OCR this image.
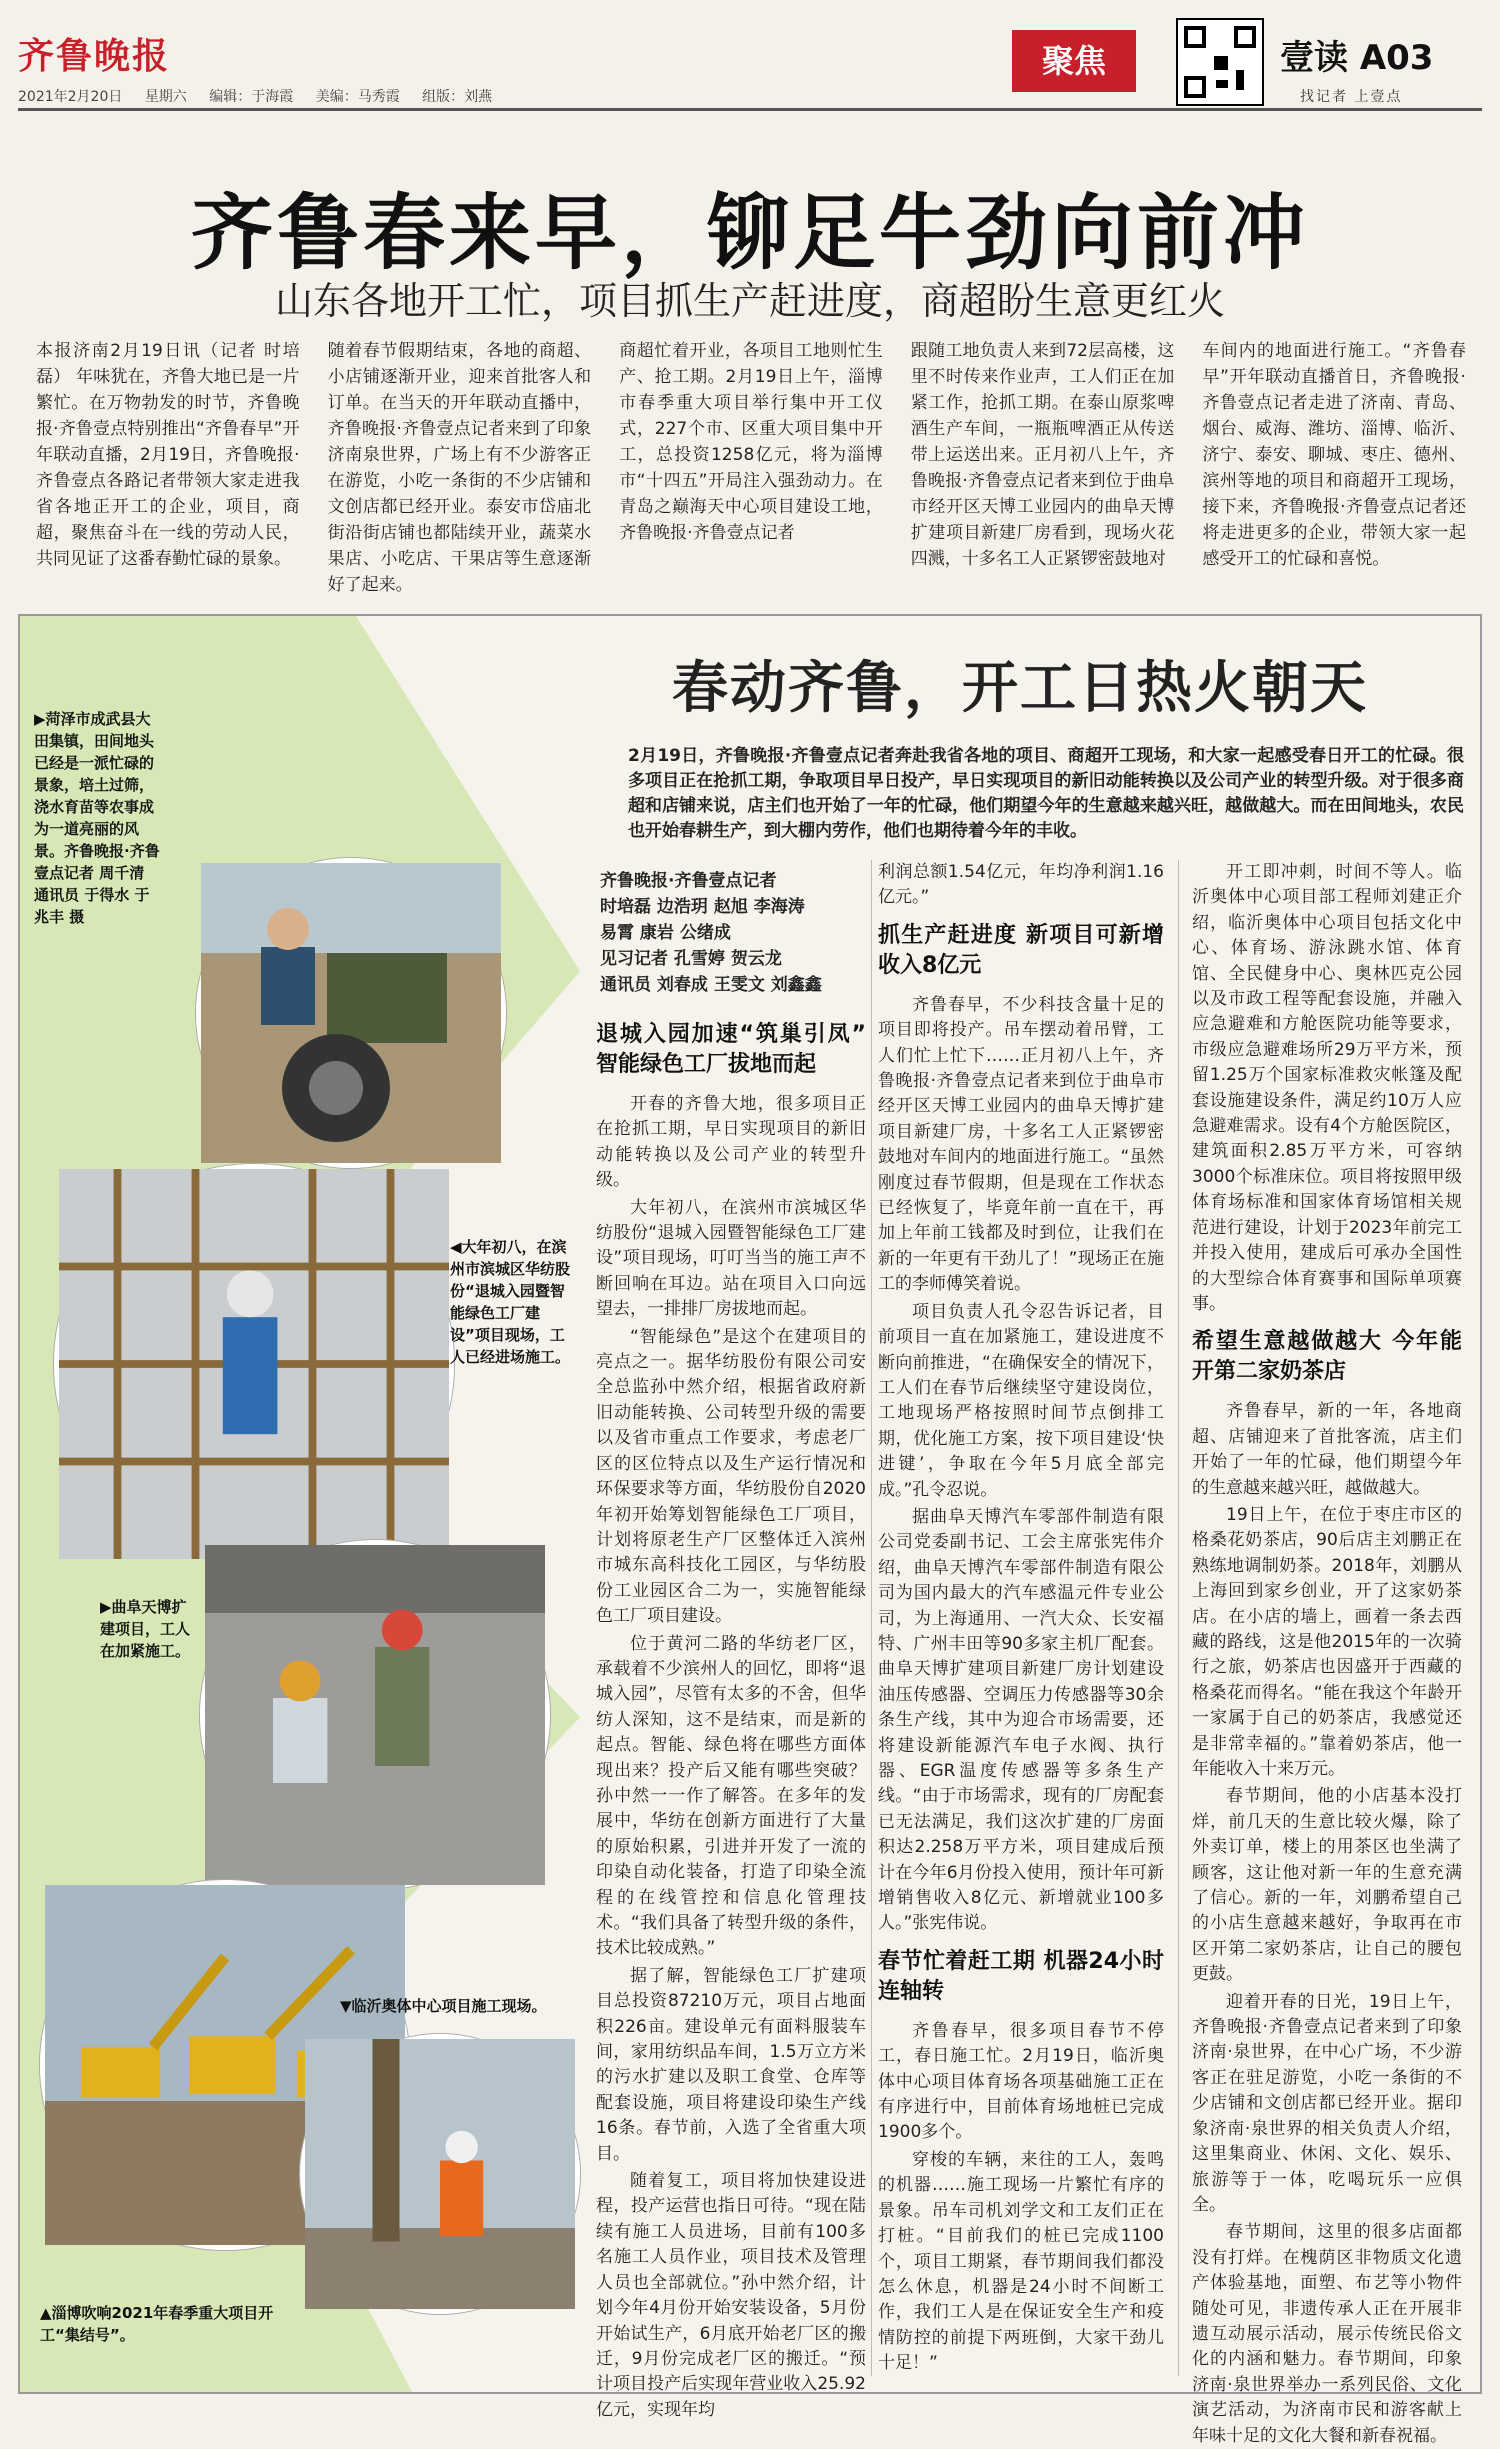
齐鲁晚报
2021年2月20日 星期六 编辑：于海霞 美编：马秀霞 组版：刘燕
聚焦	壹读 A03
找记者 上壹点
齐鲁春来早，铆足牛劲向前冲
山东各地开工忙，项目抓生产赶进度，商超盼生意更红火
本报济南2月19日讯（记者 时培磊） 年味犹在，齐鲁大地已是一片繁忙。在万物勃发的时节，齐鲁晚报·齐鲁壹点特别推出“齐鲁春早”开年联动直播，2月19日，齐鲁晚报·齐鲁壹点各路记者带领大家走进我省各地正开工的企业，项目，商超，聚焦奋斗在一线的劳动人民，共同见证了这番春勤忙碌的景象。
随着春节假期结束，各地的商超、小店铺逐渐开业，迎来首批客人和订单。在当天的开年联动直播中，齐鲁晚报·齐鲁壹点记者来到了印象济南泉世界，广场上有不少游客正在游览，小吃一条街的不少店铺和文创店都已经开业。泰安市岱庙北街沿街店铺也都陆续开业，蔬菜水果店、小吃店、干果店等生意逐渐好了起来。
商超忙着开业，各项目工地则忙生产、抢工期。2月19日上午，淄博市春季重大项目举行集中开工仪式，227个市、区重大项目集中开工，总投资1258亿元，将为淄博市“十四五”开局注入强劲动力。在青岛之巅海天中心项目建设工地，齐鲁晚报·齐鲁壹点记者
跟随工地负责人来到72层高楼，这里不时传来作业声，工人们正在加紧工作，抢抓工期。在泰山原浆啤酒生产车间，一瓶瓶啤酒正从传送带上运送出来。正月初八上午，齐鲁晚报·齐鲁壹点记者来到位于曲阜市经开区天博工业园内的曲阜天博扩建项目新建厂房看到，现场火花四溅，十多名工人正紧锣密鼓地对
车间内的地面进行施工。“齐鲁春早”开年联动直播首日，齐鲁晚报·齐鲁壹点记者走进了济南、青岛、烟台、威海、潍坊、淄博、临沂、济宁、泰安、聊城、枣庄、德州、滨州等地的项目和商超开工现场，接下来，齐鲁晚报·齐鲁壹点记者还将走进更多的企业，带领大家一起感受开工的忙碌和喜悦。
▶菏泽市成武县大田集镇，田间地头已经是一派忙碌的景象，培土过筛，浇水育苗等农事成为一道亮丽的风景。齐鲁晚报·齐鲁壹点记者 周千清 通讯员 于得水 于兆丰 摄
◀大年初八，在滨州市滨城区华纺股份“退城入园暨智能绿色工厂建设”项目现场，工人已经进场施工。
▶曲阜天博扩建项目，工人在加紧施工。
▼临沂奥体中心项目施工现场。
▲淄博吹响2021年春季重大项目开工“集结号”。
春动齐鲁，开工日热火朝天
2月19日，齐鲁晚报·齐鲁壹点记者奔赴我省各地的项目、商超开工现场，和大家一起感受春日开工的忙碌。很多项目正在抢抓工期，争取项目早日投产，早日实现项目的新旧动能转换以及公司产业的转型升级。对于很多商超和店铺来说，店主们也开始了一年的忙碌，他们期望今年的生意越来越兴旺，越做越大。而在田间地头，农民也开始春耕生产，到大棚内劳作，他们也期待着今年的丰收。
齐鲁晚报·齐鲁壹点记者
时培磊 边浩玥 赵旭 李海涛
易霄 康岩 公绪成
见习记者 孔雪婷 贺云龙
通讯员 刘春成 王雯文 刘鑫鑫
退城入园加速“筑巢引凤” 智能绿色工厂拔地而起

开春的齐鲁大地，很多项目正在抢抓工期，早日实现项目的新旧动能转换以及公司产业的转型升级。

大年初八，在滨州市滨城区华纺股份“退城入园暨智能绿色工厂建设”项目现场，叮叮当当的施工声不断回响在耳边。站在项目入口向远望去，一排排厂房拔地而起。

“智能绿色”是这个在建项目的亮点之一。据华纺股份有限公司安全总监孙中然介绍，根据省政府新旧动能转换、公司转型升级的需要以及省市重点工作要求，考虑老厂区的区位特点以及生产运行情况和环保要求等方面，华纺股份自2020年初开始筹划智能绿色工厂项目，计划将原老生产厂区整体迁入滨州市城东高科技化工园区，与华纺股份工业园区合二为一，实施智能绿色工厂项目建设。

位于黄河二路的华纺老厂区，承载着不少滨州人的回忆，即将“退城入园”，尽管有太多的不舍，但华纺人深知，这不是结束，而是新的起点。智能、绿色将在哪些方面体现出来？投产后又能有哪些突破？孙中然一一作了解答。在多年的发展中，华纺在创新方面进行了大量的原始积累，引进并开发了一流的印染自动化装备，打造了印染全流程的在线管控和信息化管理技术。“我们具备了转型升级的条件，技术比较成熟。”

据了解，智能绿色工厂扩建项目总投资87210万元，项目占地面积226亩。建设单元有面料服装车间，家用纺织品车间，1.5万立方米的污水扩建以及职工食堂、仓库等配套设施，项目将建设印染生产线16条。春节前，入选了全省重大项目。

随着复工，项目将加快建设进程，投产运营也指日可待。“现在陆续有施工人员进场，目前有100多名施工人员作业，项目技术及管理人员也全部就位。”孙中然介绍，计划今年4月份开始安装设备，5月份开始试生产，6月底开始老厂区的搬迁，9月份完成老厂区的搬迁。“预计项目投产后实现年营业收入25.92亿元，实现年均

利润总额1.54亿元，年均净利润1.16亿元。”

抓生产赶进度 新项目可新增收入8亿元

齐鲁春早，不少科技含量十足的项目即将投产。吊车摆动着吊臂，工人们忙上忙下……正月初八上午，齐鲁晚报·齐鲁壹点记者来到位于曲阜市经开区天博工业园内的曲阜天博扩建项目新建厂房，十多名工人正紧锣密鼓地对车间内的地面进行施工。“虽然刚度过春节假期，但是现在工作状态已经恢复了，毕竟年前一直在干，再加上年前工钱都及时到位，让我们在新的一年更有干劲儿了！”现场正在施工的李师傅笑着说。

项目负责人孔令忍告诉记者，目前项目一直在加紧施工，建设进度不断向前推进，“在确保安全的情况下，工人们在春节后继续坚守建设岗位，工地现场严格按照时间节点倒排工期，优化施工方案，按下项目建设‘快进键’，争取在今年5月底全部完成。”孔令忍说。

据曲阜天博汽车零部件制造有限公司党委副书记、工会主席张宪伟介绍，曲阜天博汽车零部件制造有限公司为国内最大的汽车感温元件专业公司，为上海通用、一汽大众、长安福特、广州丰田等90多家主机厂配套。曲阜天博扩建项目新建厂房计划建设油压传感器、空调压力传感器等30余条生产线，其中为迎合市场需要，还将建设新能源汽车电子水阀、执行器、EGR温度传感器等多条生产线。“由于市场需求，现有的厂房配套已无法满足，我们这次扩建的厂房面积达2.258万平方米，项目建成后预计在今年6月份投入使用，预计年可新增销售收入8亿元、新增就业100多人。”张宪伟说。

春节忙着赶工期 机器24小时连轴转

齐鲁春早，很多项目春节不停工，春日施工忙。2月19日，临沂奥体中心项目体育场各项基础施工正在有序进行中，目前体育场地桩已完成1900多个。

穿梭的车辆，来往的工人，轰鸣的机器……施工现场一片繁忙有序的景象。吊车司机刘学文和工友们正在打桩。“目前我们的桩已完成1100个，项目工期紧，春节期间我们都没怎么休息，机器是24小时不间断工作，我们工人是在保证安全生产和疫情防控的前提下两班倒，大家干劲儿十足！”

开工即冲刺，时间不等人。临沂奥体中心项目部工程师刘建正介绍，临沂奥体中心项目包括文化中心、体育场、游泳跳水馆、体育馆、全民健身中心、奥林匹克公园以及市政工程等配套设施，并融入应急避难和方舱医院功能等要求，市级应急避难场所29万平方米，预留1.25万个国家标准救灾帐篷及配套设施建设条件，满足约10万人应急避难需求。设有4个方舱医院区，建筑面积2.85万平方米，可容纳3000个标准床位。项目将按照甲级体育场标准和国家体育场馆相关规范进行建设，计划于2023年前完工并投入使用，建成后可承办全国性的大型综合体育赛事和国际单项赛事。

希望生意越做越大 今年能开第二家奶茶店

齐鲁春早，新的一年，各地商超、店铺迎来了首批客流，店主们开始了一年的忙碌，他们期望今年的生意越来越兴旺，越做越大。

19日上午，在位于枣庄市区的格桑花奶茶店，90后店主刘鹏正在熟练地调制奶茶。2018年，刘鹏从上海回到家乡创业，开了这家奶茶店。在小店的墙上，画着一条去西藏的路线，这是他2015年的一次骑行之旅，奶茶店也因盛开于西藏的格桑花而得名。“能在我这个年龄开一家属于自己的奶茶店，我感觉还是非常幸福的。”靠着奶茶店，他一年能收入十来万元。

春节期间，他的小店基本没打烊，前几天的生意比较火爆，除了外卖订单，楼上的用茶区也坐满了顾客，这让他对新一年的生意充满了信心。新的一年，刘鹏希望自己的小店生意越来越好，争取再在市区开第二家奶茶店，让自己的腰包更鼓。

迎着开春的日光，19日上午，齐鲁晚报·齐鲁壹点记者来到了印象济南·泉世界，在中心广场，不少游客正在驻足游览，小吃一条街的不少店铺和文创店都已经开业。据印象济南·泉世界的相关负责人介绍，这里集商业、休闲、文化、娱乐、旅游等于一体，吃喝玩乐一应俱全。

春节期间，这里的很多店面都没有打烊。在槐荫区非物质文化遗产体验基地，面塑、布艺等小物件随处可见，非遗传承人正在开展非遗互动展示活动，展示传统民俗文化的内涵和魅力。春节期间，印象济南·泉世界举办一系列民俗、文化演艺活动，为济南市民和游客献上年味十足的文化大餐和新春祝福。
